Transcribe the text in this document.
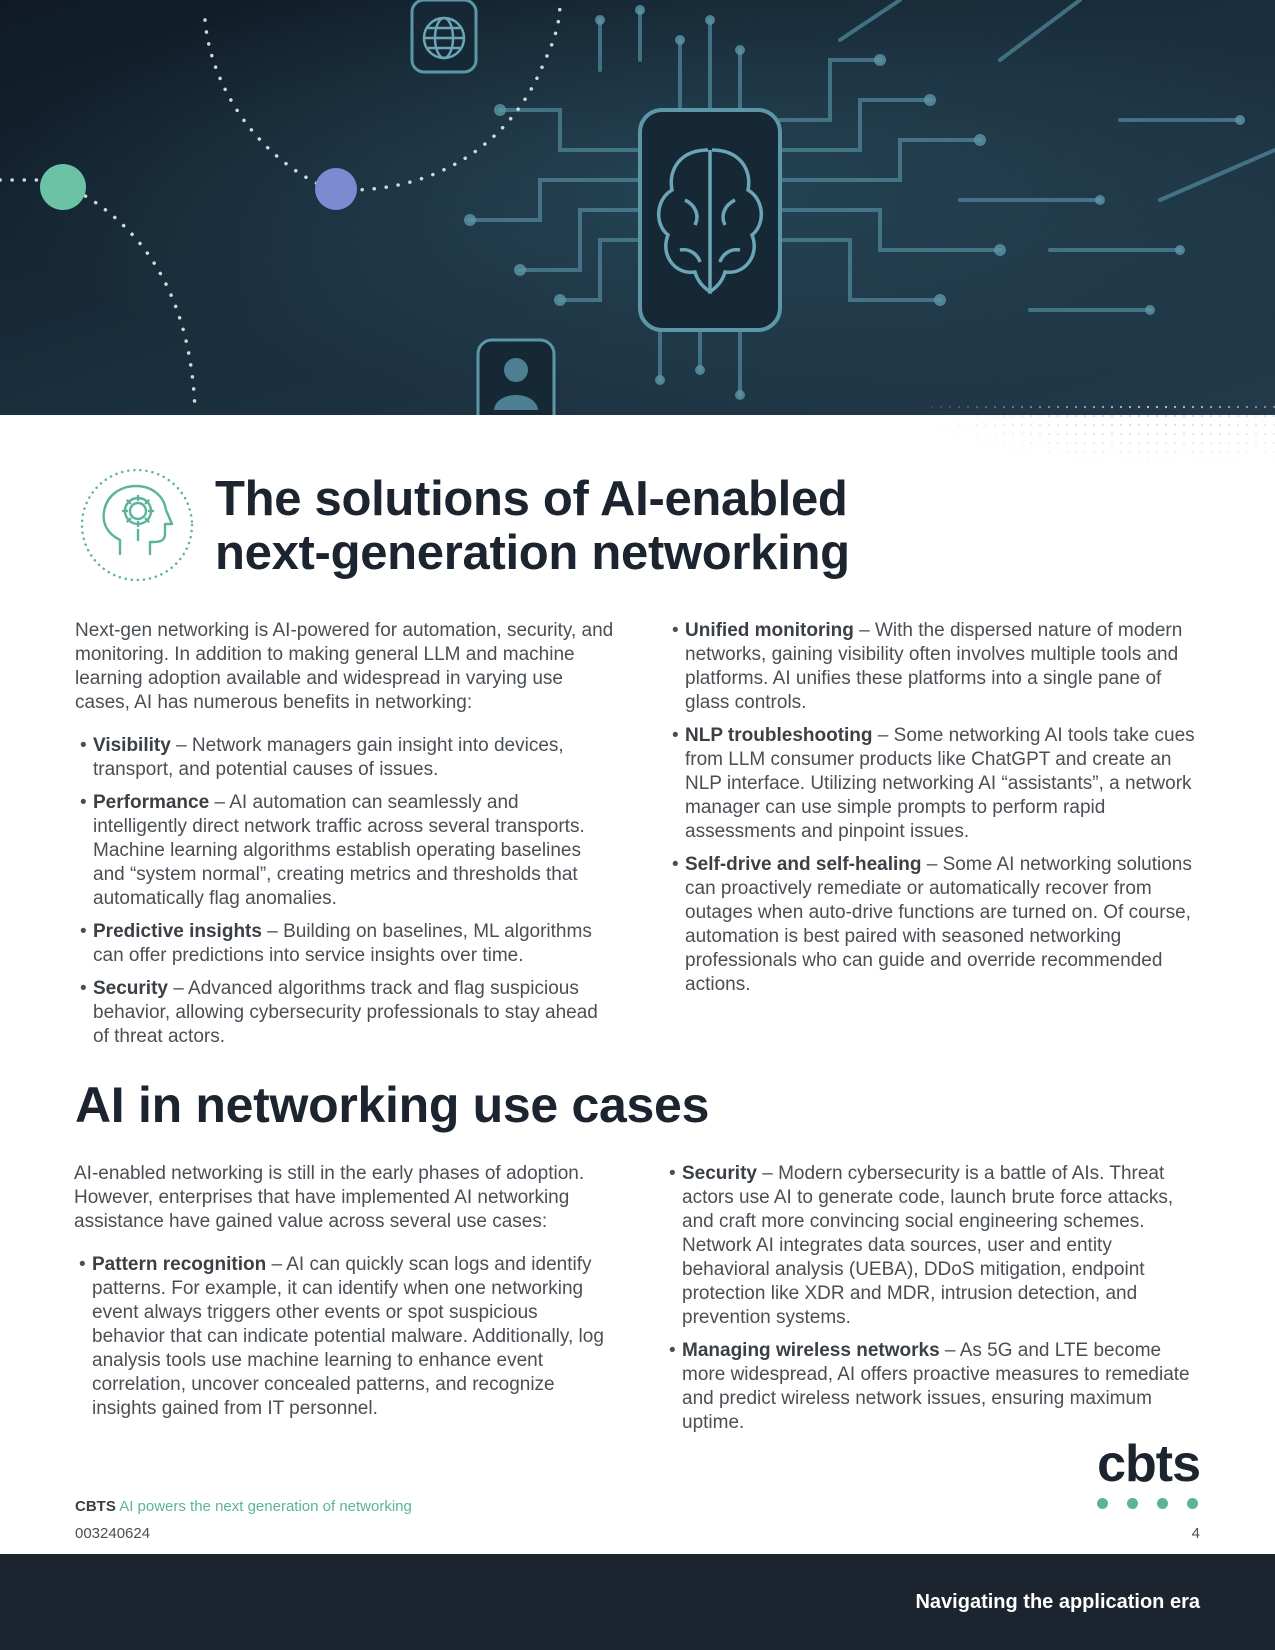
The solutions of AI-enabled next-generation networking

Next-gen networking is AI-powered for automation, security, and monitoring. In addition to making general LLM and machine learning adoption available and widespread in varying use cases, AI has numerous benefits in networking:

• Visibility – Network managers gain insight into devices, transport, and potential causes of issues.
• Performance – AI automation can seamlessly and intelligently direct network traffic across several transports. Machine learning algorithms establish operating baselines and “system normal”, creating metrics and thresholds that automatically flag anomalies.
• Predictive insights – Building on baselines, ML algorithms can offer predictions into service insights over time.
• Security – Advanced algorithms track and flag suspicious behavior, allowing cybersecurity professionals to stay ahead of threat actors.
• Unified monitoring – With the dispersed nature of modern networks, gaining visibility often involves multiple tools and platforms. AI unifies these platforms into a single pane of glass controls.
• NLP troubleshooting – Some networking AI tools take cues from LLM consumer products like ChatGPT and create an NLP interface. Utilizing networking AI “assistants”, a network manager can use simple prompts to perform rapid assessments and pinpoint issues.
• Self-drive and self-healing – Some AI networking solutions can proactively remediate or automatically recover from outages when auto-drive functions are turned on. Of course, automation is best paired with seasoned networking professionals who can guide and override recommended actions.
AI in networking use cases

AI-enabled networking is still in the early phases of adoption. However, enterprises that have implemented AI networking assistance have gained value across several use cases:

• Pattern recognition – AI can quickly scan logs and identify patterns. For example, it can identify when one networking event always triggers other events or spot suspicious behavior that can indicate potential malware. Additionally, log analysis tools use machine learning to enhance event correlation, uncover concealed patterns, and recognize insights gained from IT personnel.
• Security – Modern cybersecurity is a battle of AIs. Threat actors use AI to generate code, launch brute force attacks, and craft more convincing social engineering schemes. Network AI integrates data sources, user and entity behavioral analysis (UEBA), DDoS mitigation, endpoint protection like XDR and MDR, intrusion detection, and prevention systems.
• Managing wireless networks – As 5G and LTE become more widespread, AI offers proactive measures to remediate and predict wireless network issues, ensuring maximum uptime.
cbts
CBTS AI powers the next generation of networking
003240624	4
Navigating the application era
